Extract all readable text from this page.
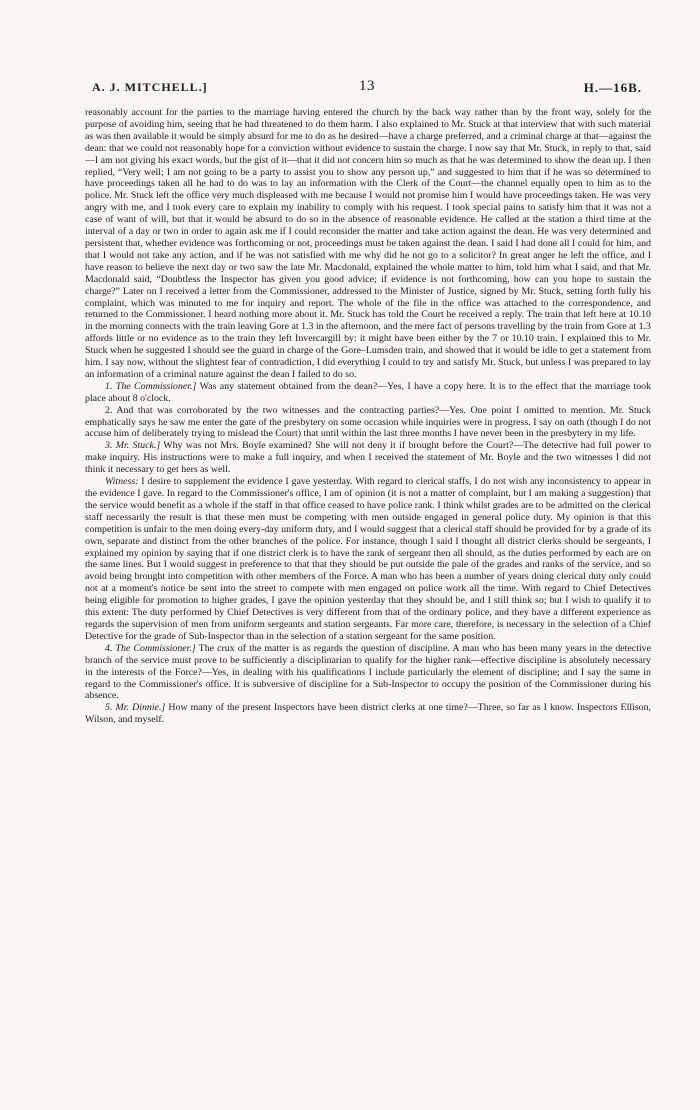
A. J. MITCHELL.]	13	H.—16B.

reasonably account for the parties to the marriage having entered the church by the back way rather than by the front way, solely for the purpose of avoiding him, seeing that he had threatened to do them harm. I also explained to Mr. Stuck at that interview that with such material as was then available it would be simply absurd for me to do as he desired—have a charge preferred, and a criminal charge at that—against the dean: that we could not reasonably hope for a conviction without evidence to sustain the charge. I now say that Mr. Stuck, in reply to that, said —I am not giving his exact words, but the gist of it—that it did not concern him so much as that he was determined to show the dean up. I then replied, “Very well; I am not going to be a party to assist you to show any person up,” and suggested to him that if he was so determined to have proceedings taken all he had to do was to lay an information with the Clerk of the Court—the channel equally open to him as to the police. Mr. Stuck left the office very much displeased with me because I would not promise him I would have proceedings taken. He was very angry with me, and I took every care to explain my inability to comply with his request. I took special pains to satisfy him that it was not a case of want of will, but that it would be absurd to do so in the absence of reasonable evidence. He called at the station a third time at the interval of a day or two in order to again ask me if I could reconsider the matter and take action against the dean. He was very determined and persistent that, whether evidence was forthcoming or not, proceedings must be taken against the dean. I said I had done all I could for him, and that I would not take any action, and if he was not satisfied with me why did he not go to a solicitor? In great anger he left the office, and I have reason to believe the next day or two saw the late Mr. Macdonald, explained the whole matter to him, told him what I said, and that Mr. Macdonald said, “Doubtless the Inspector has given you good advice; if evidence is not forthcoming, how can you hope to sustain the charge?” Later on I received a letter from the Commissioner, addressed to the Minister of Justice, signed by Mr. Stuck, setting forth fully his complaint, which was minuted to me for inquiry and report. The whole of the file in the office was attached to the correspondence, and returned to the Commissioner. I heard nothing more about it. Mr. Stuck has told the Court he received a reply. The train that left here at 10.10 in the morning connects with the train leaving Gore at 1.3 in the afternoon, and the mere fact of persons travelling by the train from Gore at 1.3 affords little or no evidence as to the train they left Invercargill by: it might have been either by the 7 or 10.10 train. I explained this to Mr. Stuck when he suggested I should see the guard in charge of the Gore–Lumsden train, and showed that it would be idle to get a statement from him. I say now, without the slightest fear of contradiction, I did everything I could to try and satisfy Mr. Stuck, but unless I was prepared to lay an information of a criminal nature against the dean I failed to do so.

1. The Commissioner.] Was any statement obtained from the dean?—Yes, I have a copy here. It is to the effect that the marriage took place about 8 o'clock.

2. And that was corroborated by the two witnesses and the contracting parties?—Yes. One point I omitted to mention. Mr. Stuck emphatically says he saw me enter the gate of the presbytery on some occasion while inquiries were in progress. I say on oath (though I do not accuse him of deliberately trying to mislead the Court) that until within the last three months I have never been in the presbytery in my life.

3. Mr. Stuck.] Why was not Mrs. Boyle examined? She will not deny it if brought before the Court?—The detective had full power to make inquiry. His instructions were to make a full inquiry, and when I received the statement of Mr. Boyle and the two witnesses I did not think it necessary to get hers as well.

Witness: I desire to supplement the evidence I gave yesterday. With regard to clerical staffs, I do not wish any inconsistency to appear in the evidence I gave. In regard to the Commissioner's office, I am of opinion (it is not a matter of complaint, but I am making a suggestion) that the service would benefit as a whole if the staff in that office ceased to have police rank. I think whilst grades are to be admitted on the clerical staff necessarily the result is that these men must be competing with men outside engaged in general police duty. My opinion is that this competition is unfair to the men doing every-day uniform duty, and I would suggest that a clerical staff should be provided for by a grade of its own, separate and distinct from the other branches of the police. For instance, though I said I thought all district clerks should be sergeants, I explained my opinion by saying that if one district clerk is to have the rank of sergeant then all should, as the duties performed by each are on the same lines. But I would suggest in preference to that that they should be put outside the pale of the grades and ranks of the service, and so avoid being brought into competition with other members of the Force. A man who has been a number of years doing clerical duty only could not at a moment's notice be sent into the street to compete with men engaged on police work all the time. With regard to Chief Detectives being eligible for promotion to higher grades, I gave the opinion yesterday that they should be, and I still think so; but I wish to qualify it to this extent: The duty performed by Chief Detectives is very different from that of the ordinary police, and they have a different experience as regards the supervision of men from uniform sergeants and station sergeants. Far more care, therefore, is necessary in the selection of a Chief Detective for the grade of Sub-Inspector than in the selection of a station sergeant for the same position.

4. The Commissioner.] The crux of the matter is as regards the question of discipline. A man who has been many years in the detective branch of the service must prove to be sufficiently a disciplinarian to qualify for the higher rank—effective discipline is absolutely necessary in the interests of the Force?—Yes, in dealing with his qualifications I include particularly the element of discipline; and I say the same in regard to the Commissioner's office. It is subversive of discipline for a Sub-Inspector to occupy the position of the Commissioner during his absence.

5. Mr. Dinnie.] How many of the present Inspectors have been district clerks at one time?—Three, so far as I know. Inspectors Ellison, Wilson, and myself.
